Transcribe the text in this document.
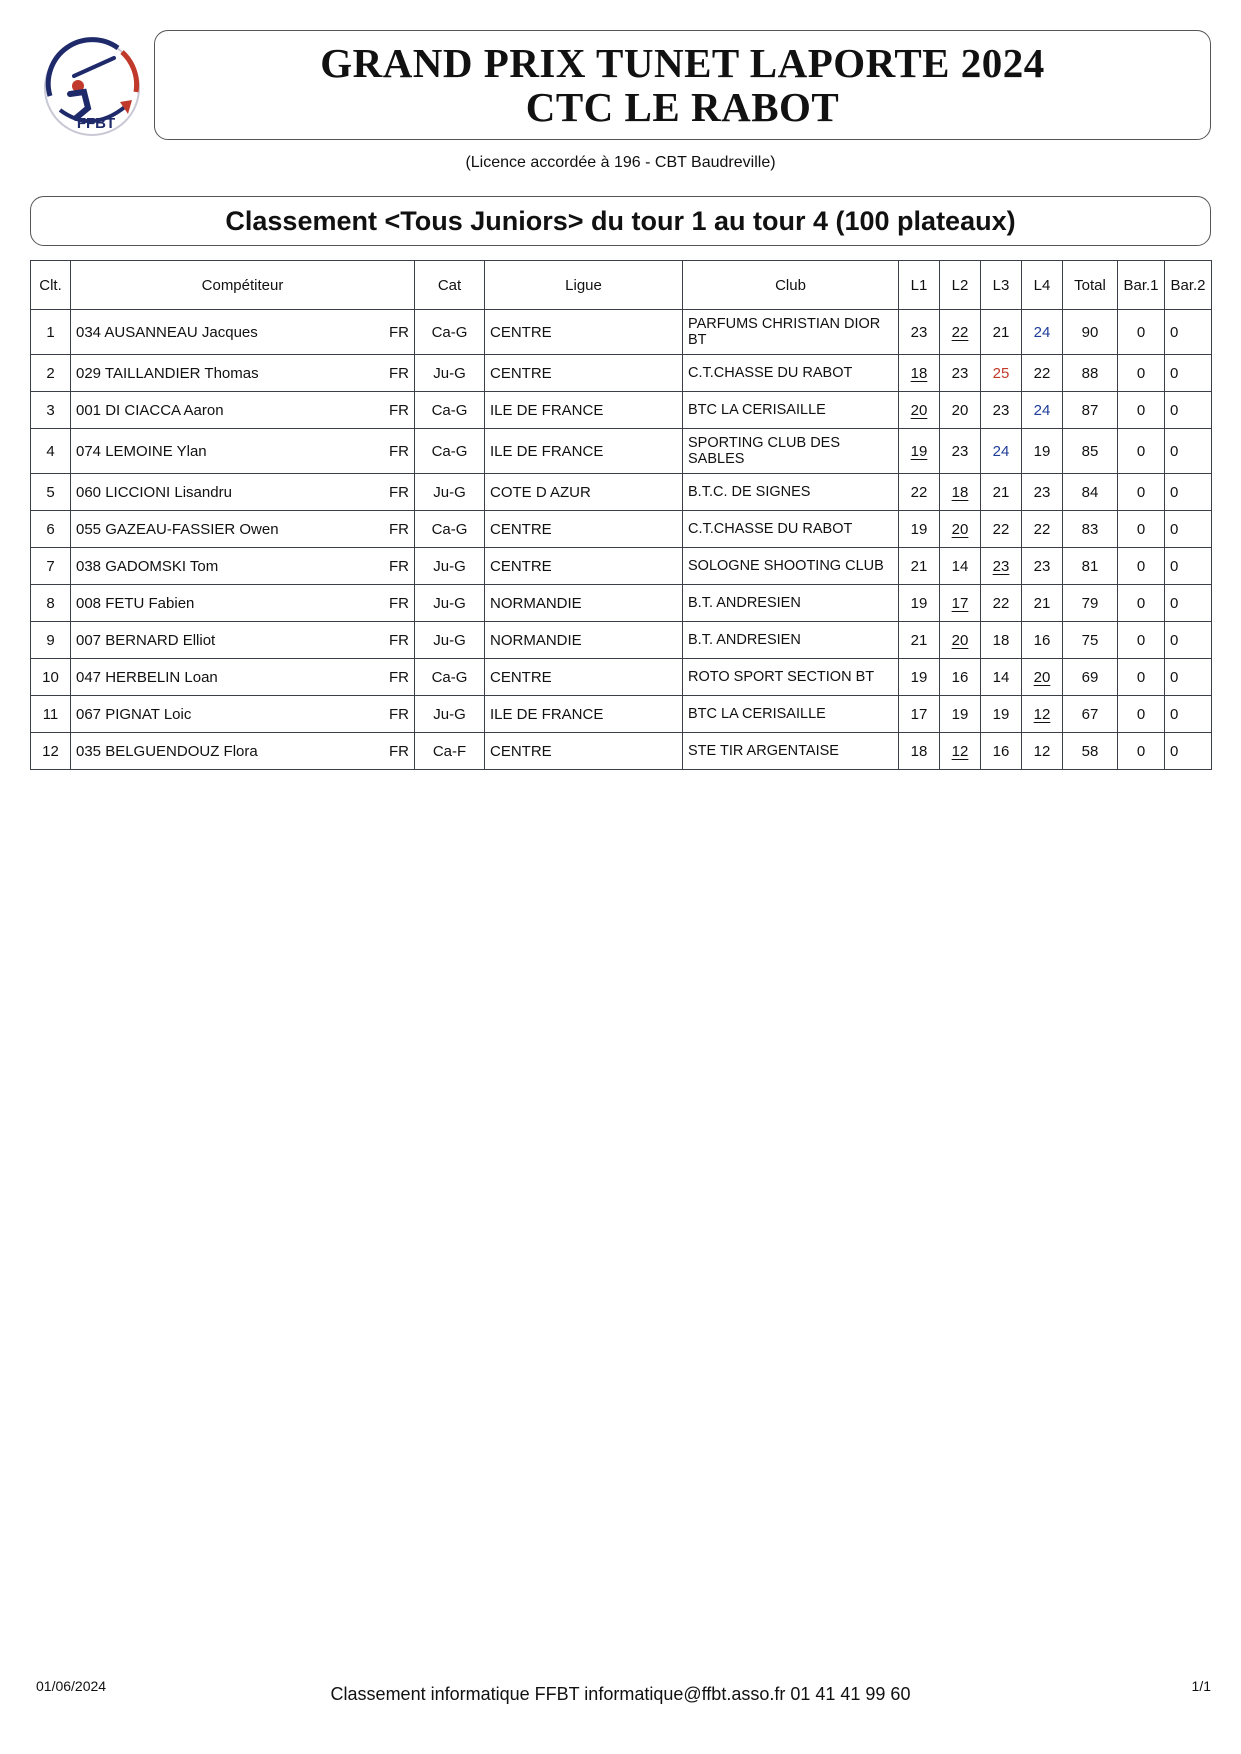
FFBT
GRAND PRIX TUNET LAPORTE 2024
CTC LE RABOT
(Licence accordée à 196 - CBT Baudreville)
Classement <Tous Juniors> du tour 1 au tour 4 (100 plateaux)
Clt.	Compétiteur	Cat	Ligue	Club	L1	L2	L3	L4	Total	Bar.1	Bar.2
1	034 AUSANNEAU Jacques FR	Ca-G	CENTRE	PARFUMS CHRISTIAN DIOR BT	23	22	21	24	90	0	0
2	029 TAILLANDIER Thomas FR	Ju-G	CENTRE	C.T.CHASSE DU RABOT	18	23	25	22	88	0	0
3	001 DI CIACCA Aaron FR	Ca-G	ILE DE FRANCE	BTC LA CERISAILLE	20	20	23	24	87	0	0
4	074 LEMOINE Ylan FR	Ca-G	ILE DE FRANCE	SPORTING CLUB DES SABLES	19	23	24	19	85	0	0
5	060 LICCIONI Lisandru FR	Ju-G	COTE D AZUR	B.T.C. DE SIGNES	22	18	21	23	84	0	0
6	055 GAZEAU-FASSIER Owen FR	Ca-G	CENTRE	C.T.CHASSE DU RABOT	19	20	22	22	83	0	0
7	038 GADOMSKI Tom FR	Ju-G	CENTRE	SOLOGNE SHOOTING CLUB	21	14	23	23	81	0	0
8	008 FETU Fabien FR	Ju-G	NORMANDIE	B.T. ANDRESIEN	19	17	22	21	79	0	0
9	007 BERNARD Elliot FR	Ju-G	NORMANDIE	B.T. ANDRESIEN	21	20	18	16	75	0	0
10	047 HERBELIN Loan FR	Ca-G	CENTRE	ROTO SPORT SECTION BT	19	16	14	20	69	0	0
11	067 PIGNAT Loic FR	Ju-G	ILE DE FRANCE	BTC LA CERISAILLE	17	19	19	12	67	0	0
12	035 BELGUENDOUZ Flora FR	Ca-F	CENTRE	STE TIR ARGENTAISE	18	12	16	12	58	0	0
01/06/2024	Classement informatique FFBT informatique@ffbt.asso.fr 01 41 41 99 60	1/1
